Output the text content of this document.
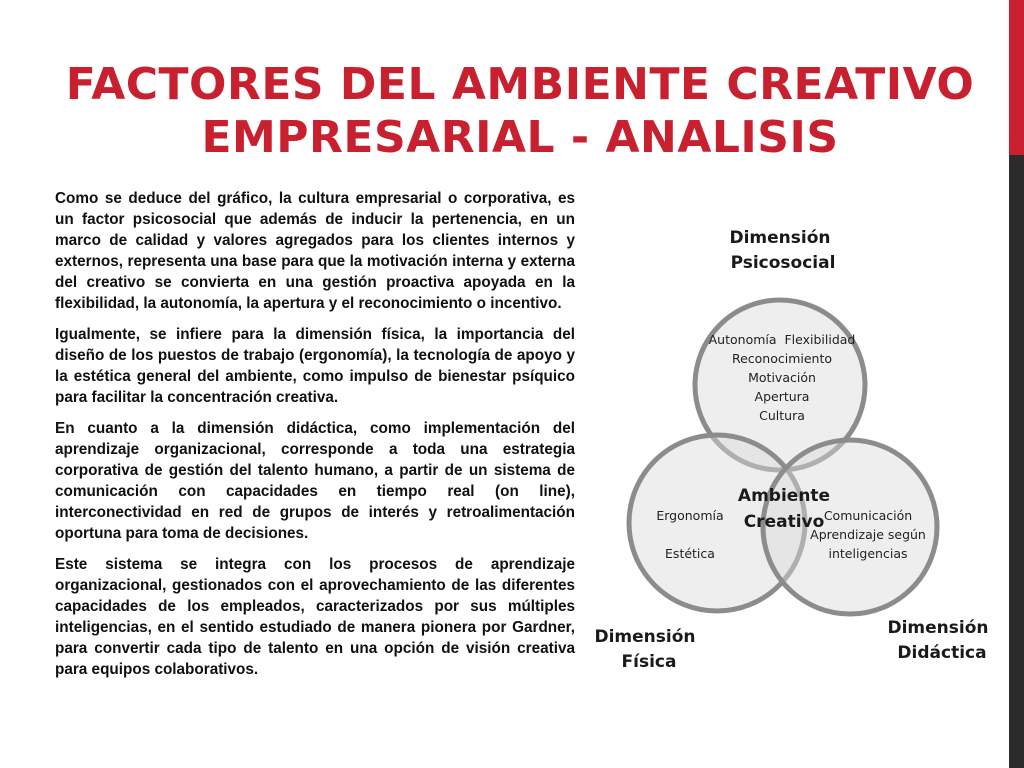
FACTORES DEL AMBIENTE CREATIVO
EMPRESARIAL - ANALISIS

Como se deduce del gráfico, la cultura empresarial o corporativa, es un factor psicosocial que además de inducir la pertenencia, en un marco de calidad y valores agregados para los clientes internos y externos, representa una base para que la motivación interna y externa del creativo se convierta en una gestión proactiva apoyada en la flexibilidad, la autonomía, la apertura y el reconocimiento o incentivo.

Igualmente, se infiere para la dimensión física, la importancia del diseño de los puestos de trabajo (ergonomía), la tecnología de apoyo y la estética general del ambiente, como impulso de bienestar psíquico para facilitar la concentración creativa.

En cuanto a la dimensión didáctica, como implementación del aprendizaje organizacional, corresponde a toda una estrategia corporativa de gestión del talento humano, a partir de un sistema de comunicación con capacidades en tiempo real (on line), interconectividad en red de grupos de interés y retroalimentación oportuna para toma de decisiones.

Este sistema se integra con los procesos de aprendizaje organizacional, gestionados con el aprovechamiento de las diferentes capacidades de los empleados, caracterizados por sus múltiples inteligencias, en el sentido estudiado de manera pionera por Gardner, para convertir cada tipo de talento en una opción de visión creativa para equipos colaborativos.

Dimensión
Psicosocial
Autonomía  Flexibilidad
Reconocimiento
Motivación
Apertura
Cultura
Ergonomía
Estética
Comunicación
Aprendizaje según
inteligencias
Ambiente
Creativo
Dimensión
Física
Dimensión
Didáctica
